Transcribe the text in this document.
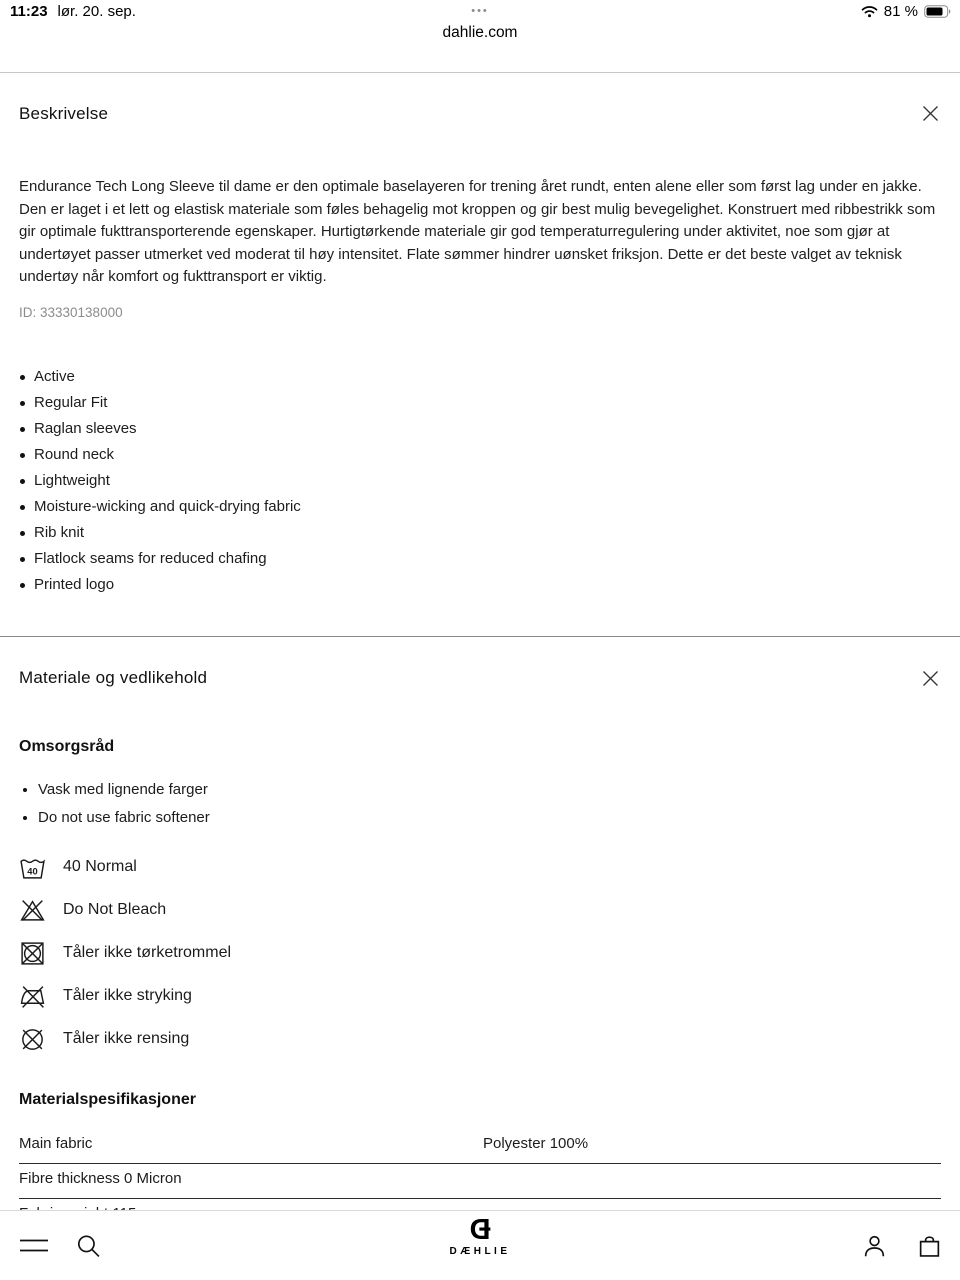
11:23 lør. 20. sep.	•••	81 %
dahlie.com
Beskrivelse

Endurance Tech Long Sleeve til dame er den optimale baselayeren for trening året rundt, enten alene eller som først lag under en jakke. Den er laget i et lett og elastisk materiale som føles behagelig mot kroppen og gir best mulig bevegelighet. Konstruert med ribbestrikk som gir optimale fukttransporterende egenskaper. Hurtigtørkende materiale gir god temperaturregulering under aktivitet, noe som gjør at undertøyet passer utmerket ved moderat til høy intensitet. Flate sømmer hindrer uønsket friksjon. Dette er det beste valget av teknisk undertøy når komfort og fukttransport er viktig.

ID: 33330138000

Active
Regular Fit
Raglan sleeves
Round neck
Lightweight
Moisture-wicking and quick-drying fabric
Rib knit
Flatlock seams for reduced chafing
Printed logo
Materiale og vedlikehold
Omsorgsråd
Vask med lignende farger
Do not use fabric softener
40 40 Normal
Do Not Bleach
Tåler ikke tørketrommel
Tåler ikke stryking
Tåler ikke rensing
Materialspesifikasjoner
Main fabric	Polyester 100%
Fibre thickness 0 Micron
Ɖ
DÆHLIE
